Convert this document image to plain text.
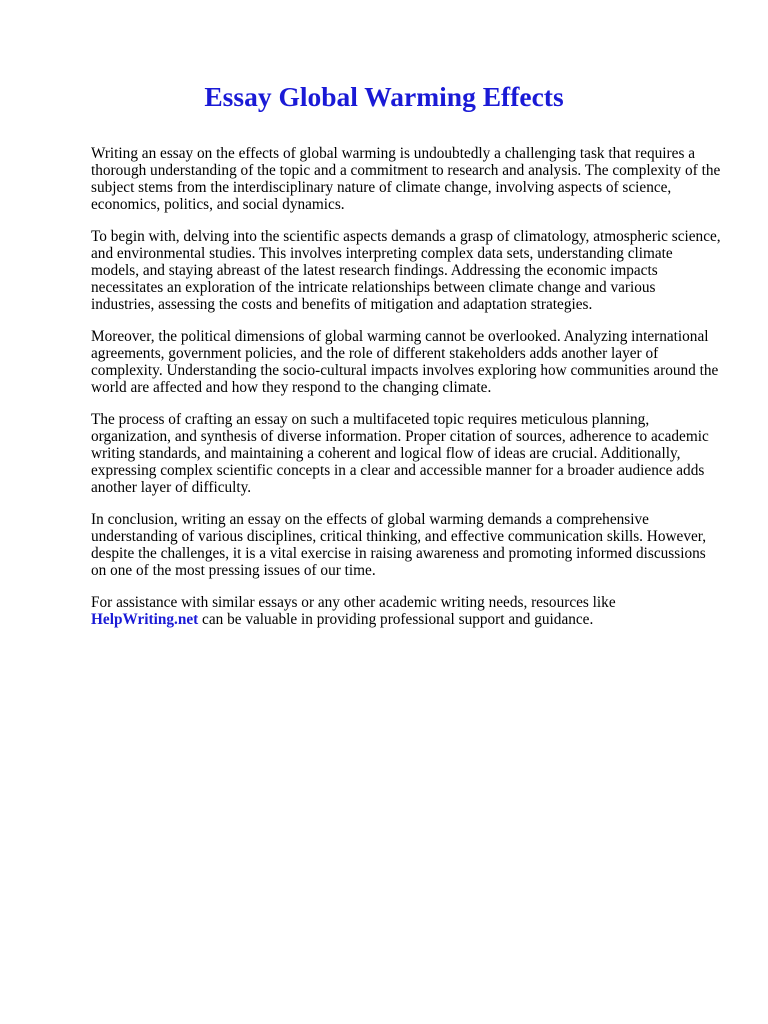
Essay Global Warming Effects

Writing an essay on the effects of global warming is undoubtedly a challenging task that requires a thorough understanding of the topic and a commitment to research and analysis. The complexity of the subject stems from the interdisciplinary nature of climate change, involving aspects of science, economics, politics, and social dynamics.

To begin with, delving into the scientific aspects demands a grasp of climatology, atmospheric science, and environmental studies. This involves interpreting complex data sets, understanding climate models, and staying abreast of the latest research findings. Addressing the economic impacts necessitates an exploration of the intricate relationships between climate change and various industries, assessing the costs and benefits of mitigation and adaptation strategies.

Moreover, the political dimensions of global warming cannot be overlooked. Analyzing international agreements, government policies, and the role of different stakeholders adds another layer of complexity. Understanding the socio-cultural impacts involves exploring how communities around the world are affected and how they respond to the changing climate.

The process of crafting an essay on such a multifaceted topic requires meticulous planning, organization, and synthesis of diverse information. Proper citation of sources, adherence to academic writing standards, and maintaining a coherent and logical flow of ideas are crucial. Additionally, expressing complex scientific concepts in a clear and accessible manner for a broader audience adds another layer of difficulty.

In conclusion, writing an essay on the effects of global warming demands a comprehensive understanding of various disciplines, critical thinking, and effective communication skills. However, despite the challenges, it is a vital exercise in raising awareness and promoting informed discussions on one of the most pressing issues of our time.

For assistance with similar essays or any other academic writing needs, resources like HelpWriting.net can be valuable in providing professional support and guidance.
